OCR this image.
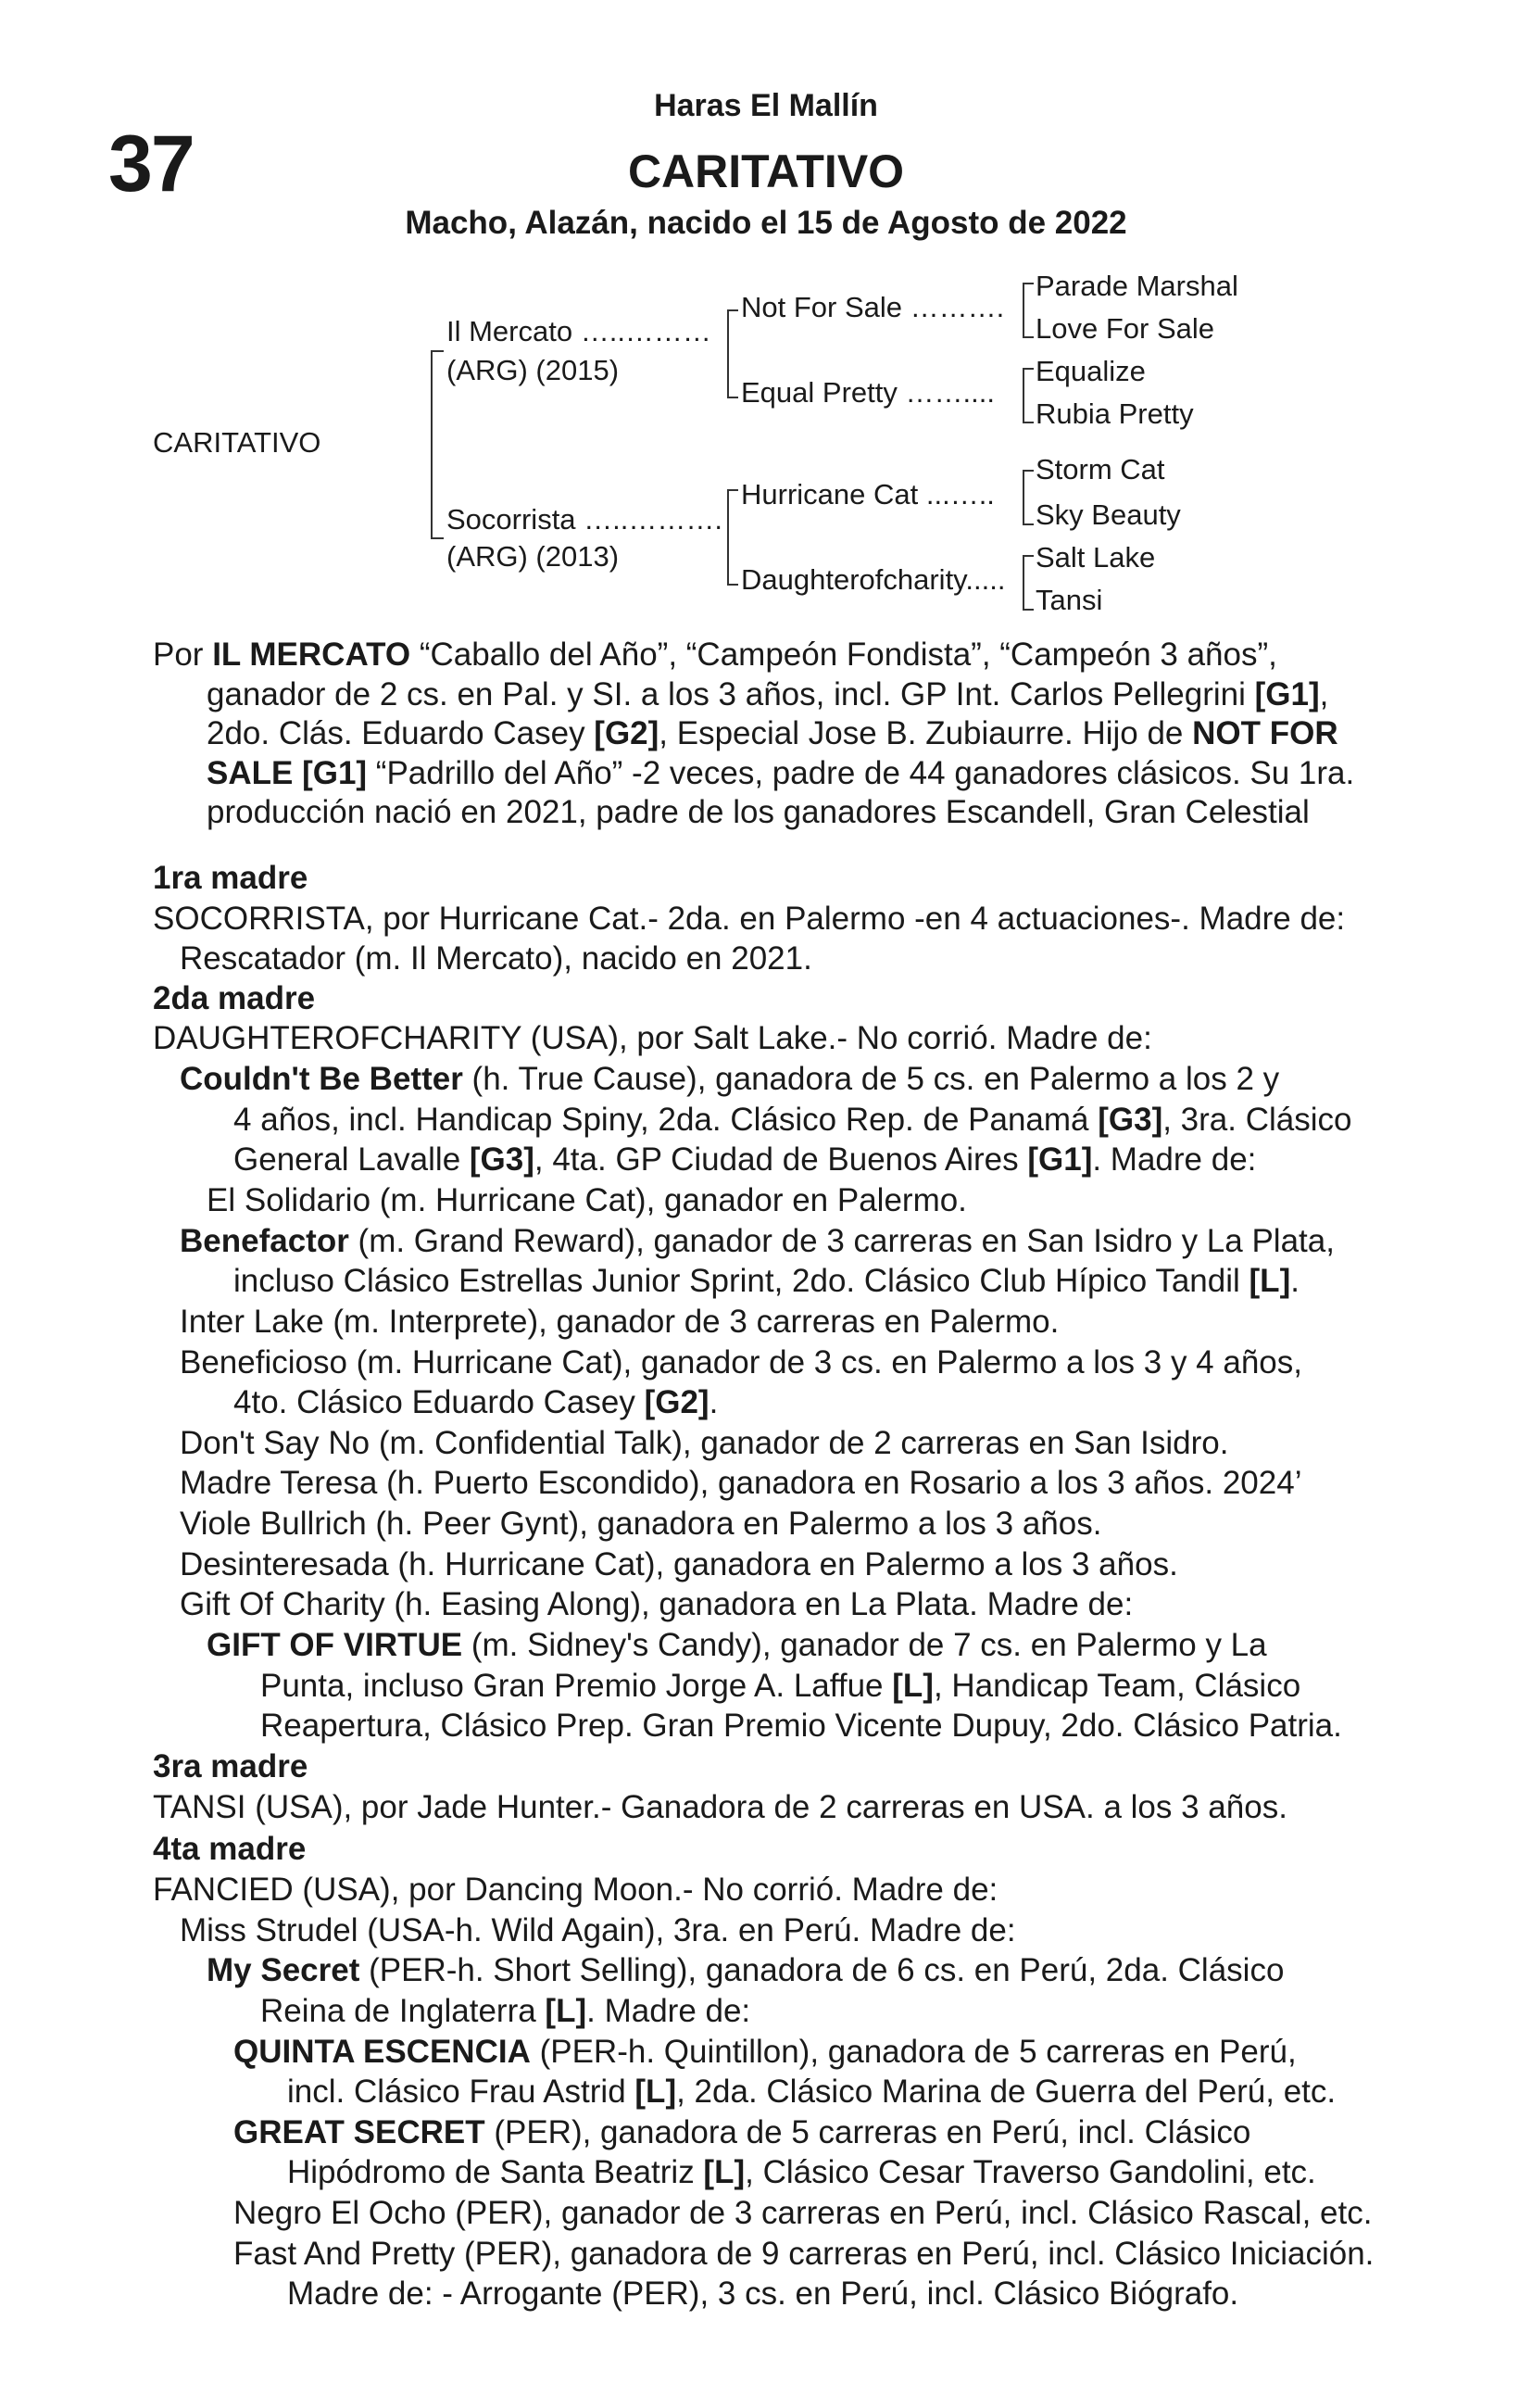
37
Haras El Mallín
CARITATIVO
Macho, Alazán, nacido el 15 de Agosto de 2022
CARITATIVO
Il Mercato …..………
(ARG) (2015)
Socorrista …..……….
(ARG) (2013)
Not For Sale ……….
Equal Pretty ……....
Hurricane Cat ...…..
Daughterofcharity.....
Parade Marshal
Love For Sale
Equalize
Rubia Pretty
Storm Cat
Sky Beauty
Salt Lake
Tansi
Por IL MERCATO “Caballo del Año”, “Campeón Fondista”, “Campeón 3 años”,
ganador de 2 cs. en Pal. y SI. a los 3 años, incl. GP Int. Carlos Pellegrini [G1],
2do. Clás. Eduardo Casey [G2], Especial Jose B. Zubiaurre. Hijo de NOT FOR
SALE [G1] “Padrillo del Año” -2 veces, padre de 44 ganadores clásicos. Su 1ra.
producción nació en 2021, padre de los ganadores Escandell, Gran Celestial
1ra madre
2da madre
3ra madre
4ta madre
SOCORRISTA, por Hurricane Cat.- 2da. en Palermo -en 4 actuaciones-. Madre de:
Rescatador (m. Il Mercato), nacido en 2021.
DAUGHTEROFCHARITY (USA), por Salt Lake.- No corrió. Madre de:
Couldn't Be Better (h. True Cause), ganadora de 5 cs. en Palermo a los 2 y
4 años, incl. Handicap Spiny, 2da. Clásico Rep. de Panamá [G3], 3ra. Clásico
General Lavalle [G3], 4ta. GP Ciudad de Buenos Aires [G1]. Madre de:
El Solidario (m. Hurricane Cat), ganador en Palermo.
Benefactor (m. Grand Reward), ganador de 3 carreras en San Isidro y La Plata,
incluso Clásico Estrellas Junior Sprint, 2do. Clásico Club Hípico Tandil [L].
Inter Lake (m. Interprete), ganador de 3 carreras en Palermo.
Beneficioso (m. Hurricane Cat), ganador de 3 cs. en Palermo a los 3 y 4 años,
4to. Clásico Eduardo Casey [G2].
Don't Say No (m. Confidential Talk), ganador de 2 carreras en San Isidro.
Madre Teresa (h. Puerto Escondido), ganadora en Rosario a los 3 años. 2024’
Viole Bullrich (h. Peer Gynt), ganadora en Palermo a los 3 años.
Desinteresada (h. Hurricane Cat), ganadora en Palermo a los 3 años.
Gift Of Charity (h. Easing Along), ganadora en La Plata. Madre de:
GIFT OF VIRTUE (m. Sidney's Candy), ganador de 7 cs. en Palermo y La
Punta, incluso Gran Premio Jorge A. Laffue [L], Handicap Team, Clásico
Reapertura, Clásico Prep. Gran Premio Vicente Dupuy, 2do. Clásico Patria.
TANSI (USA), por Jade Hunter.- Ganadora de 2 carreras en USA. a los 3 años.
FANCIED (USA), por Dancing Moon.- No corrió. Madre de:
Miss Strudel (USA-h. Wild Again), 3ra. en Perú. Madre de:
My Secret (PER-h. Short Selling), ganadora de 6 cs. en Perú, 2da. Clásico
Reina de Inglaterra [L]. Madre de:
QUINTA ESCENCIA (PER-h. Quintillon), ganadora de 5 carreras en Perú,
incl. Clásico Frau Astrid [L], 2da. Clásico Marina de Guerra del Perú, etc.
GREAT SECRET (PER), ganadora de 5 carreras en Perú, incl. Clásico
Hipódromo de Santa Beatriz [L], Clásico Cesar Traverso Gandolini, etc.
Negro El Ocho (PER), ganador de 3 carreras en Perú, incl. Clásico Rascal, etc.
Fast And Pretty (PER), ganadora de 9 carreras en Perú, incl. Clásico Iniciación.
Madre de: - Arrogante (PER), 3 cs. en Perú, incl. Clásico Biógrafo.
